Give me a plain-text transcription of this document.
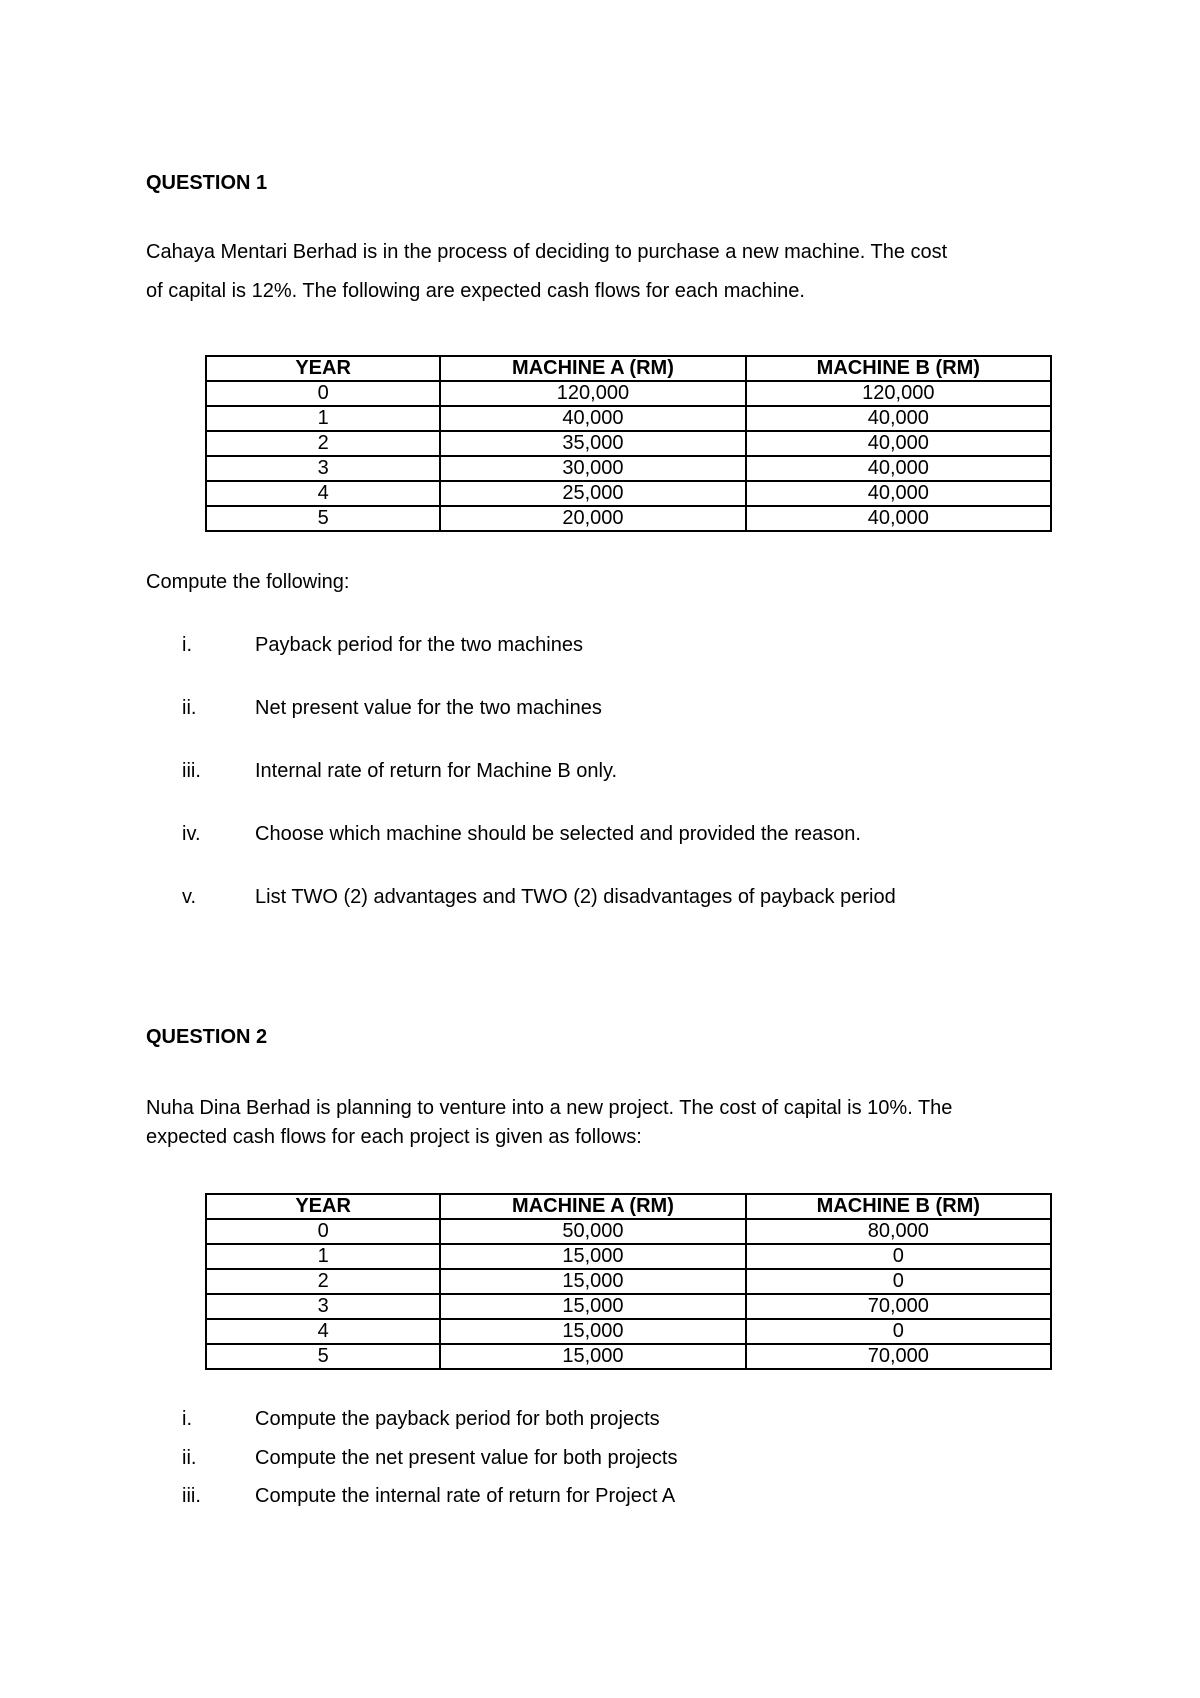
QUESTION 1
Cahaya Mentari Berhad is in the process of deciding to purchase a new machine. The cost
of capital is 12%. The following are expected cash flows for each machine.
YEAR	MACHINE A (RM)	MACHINE B (RM)
0	120,000	120,000
1	40,000	40,000
2	35,000	40,000
3	30,000	40,000
4	25,000	40,000
5	20,000	40,000
Compute the following:
i.	Payback period for the two machines
ii.	Net present value for the two machines
iii.	Internal rate of return for Machine B only.
iv.	Choose which machine should be selected and provided the reason.
v.	List TWO (2) advantages and TWO (2) disadvantages of payback period
QUESTION 2
Nuha Dina Berhad is planning to venture into a new project. The cost of capital is 10%. The
expected cash flows for each project is given as follows:
YEAR	MACHINE A (RM)	MACHINE B (RM)
0	50,000	80,000
1	15,000	0
2	15,000	0
3	15,000	70,000
4	15,000	0
5	15,000	70,000
i.	Compute the payback period for both projects
ii.	Compute the net present value for both projects
iii.	Compute the internal rate of return for Project A
